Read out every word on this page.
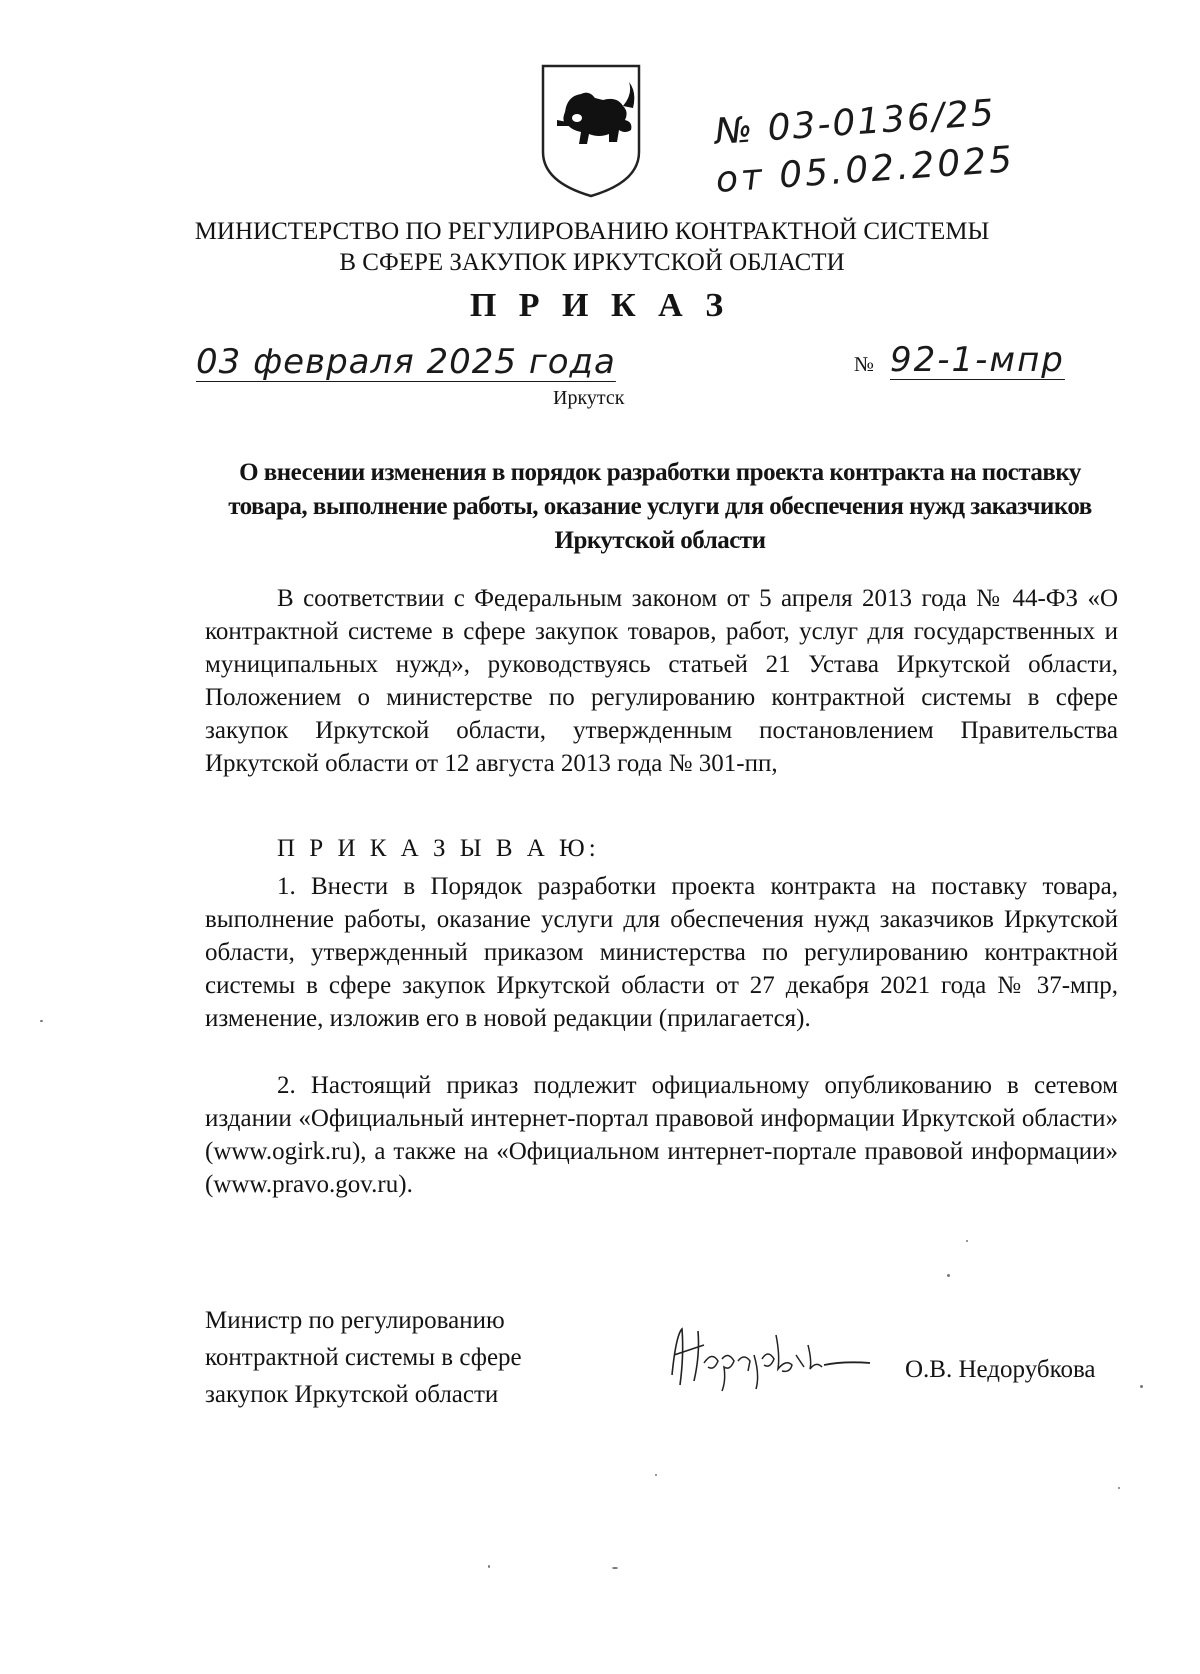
№ 03-0136/25
от 05.02.2025
МИНИСТЕРСТВО ПО РЕГУЛИРОВАНИЮ КОНТРАКТНОЙ СИСТЕМЫ
В СФЕРЕ ЗАКУПОК ИРКУТСКОЙ ОБЛАСТИ
П Р И К А З
03 февраля 2025 года	№ 92-1-мпр
Иркутск
О внесении изменения в порядок разработки проекта контракта на поставку товара, выполнение работы, оказание услуги для обеспечения нужд заказчиков Иркутской области
В соответствии с Федеральным законом от 5 апреля 2013 года № 44-ФЗ «О контрактной системе в сфере закупок товаров, работ, услуг для государственных и муниципальных нужд», руководствуясь статьей 21 Устава Иркутской области, Положением о министерстве по регулированию контрактной системы в сфере закупок Иркутской области, утвержденным постановлением Правительства Иркутской области от 12 августа 2013 года № 301-пп,
П Р И К А З Ы В А Ю:
1. Внести в Порядок разработки проекта контракта на поставку товара, выполнение работы, оказание услуги для обеспечения нужд заказчиков Иркутской области, утвержденный приказом министерства по регулированию контрактной системы в сфере закупок Иркутской области от 27 декабря 2021 года № 37-мпр, изменение, изложив его в новой редакции (прилагается).
2. Настоящий приказ подлежит официальному опубликованию в сетевом издании «Официальный интернет-портал правовой информации Иркутской области» (www.ogirk.ru), а также на «Официальном интернет-портале правовой информации» (www.pravo.gov.ru).
Министр по регулированию
контрактной системы в сфере
закупок Иркутской области
О.В. Недорубкова
